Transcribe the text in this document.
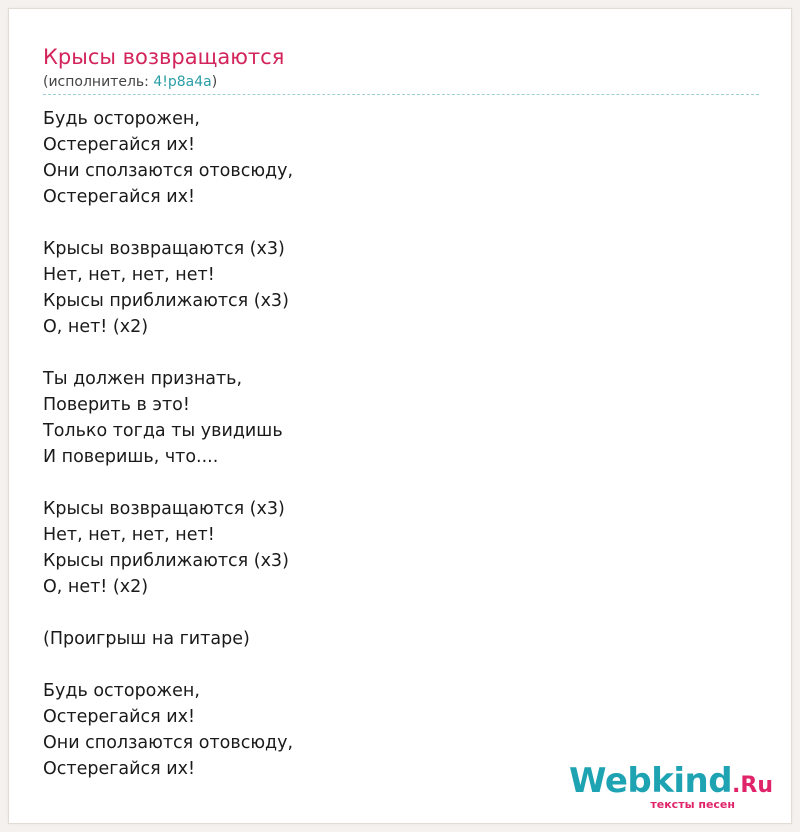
Крысы возвращаются
(исполнитель: 4!р8а4а)
Будь осторожен,
Остерегайся их!
Они сползаются отовсюду,
Остерегайся их!
Крысы возвращаются (x3)
Нет, нет, нет, нет!
Крысы приближаются (x3)
О, нет! (x2)
Ты должен признать,
Поверить в это!
Только тогда ты увидишь
И поверишь, что....
Крысы возвращаются (x3)
Нет, нет, нет, нет!
Крысы приближаются (x3)
О, нет! (x2)
(Проигрыш на гитаре)
Будь осторожен,
Остерегайся их!
Они сползаются отовсюду,
Остерегайся их!	Webkind.Ru
тексты песен
